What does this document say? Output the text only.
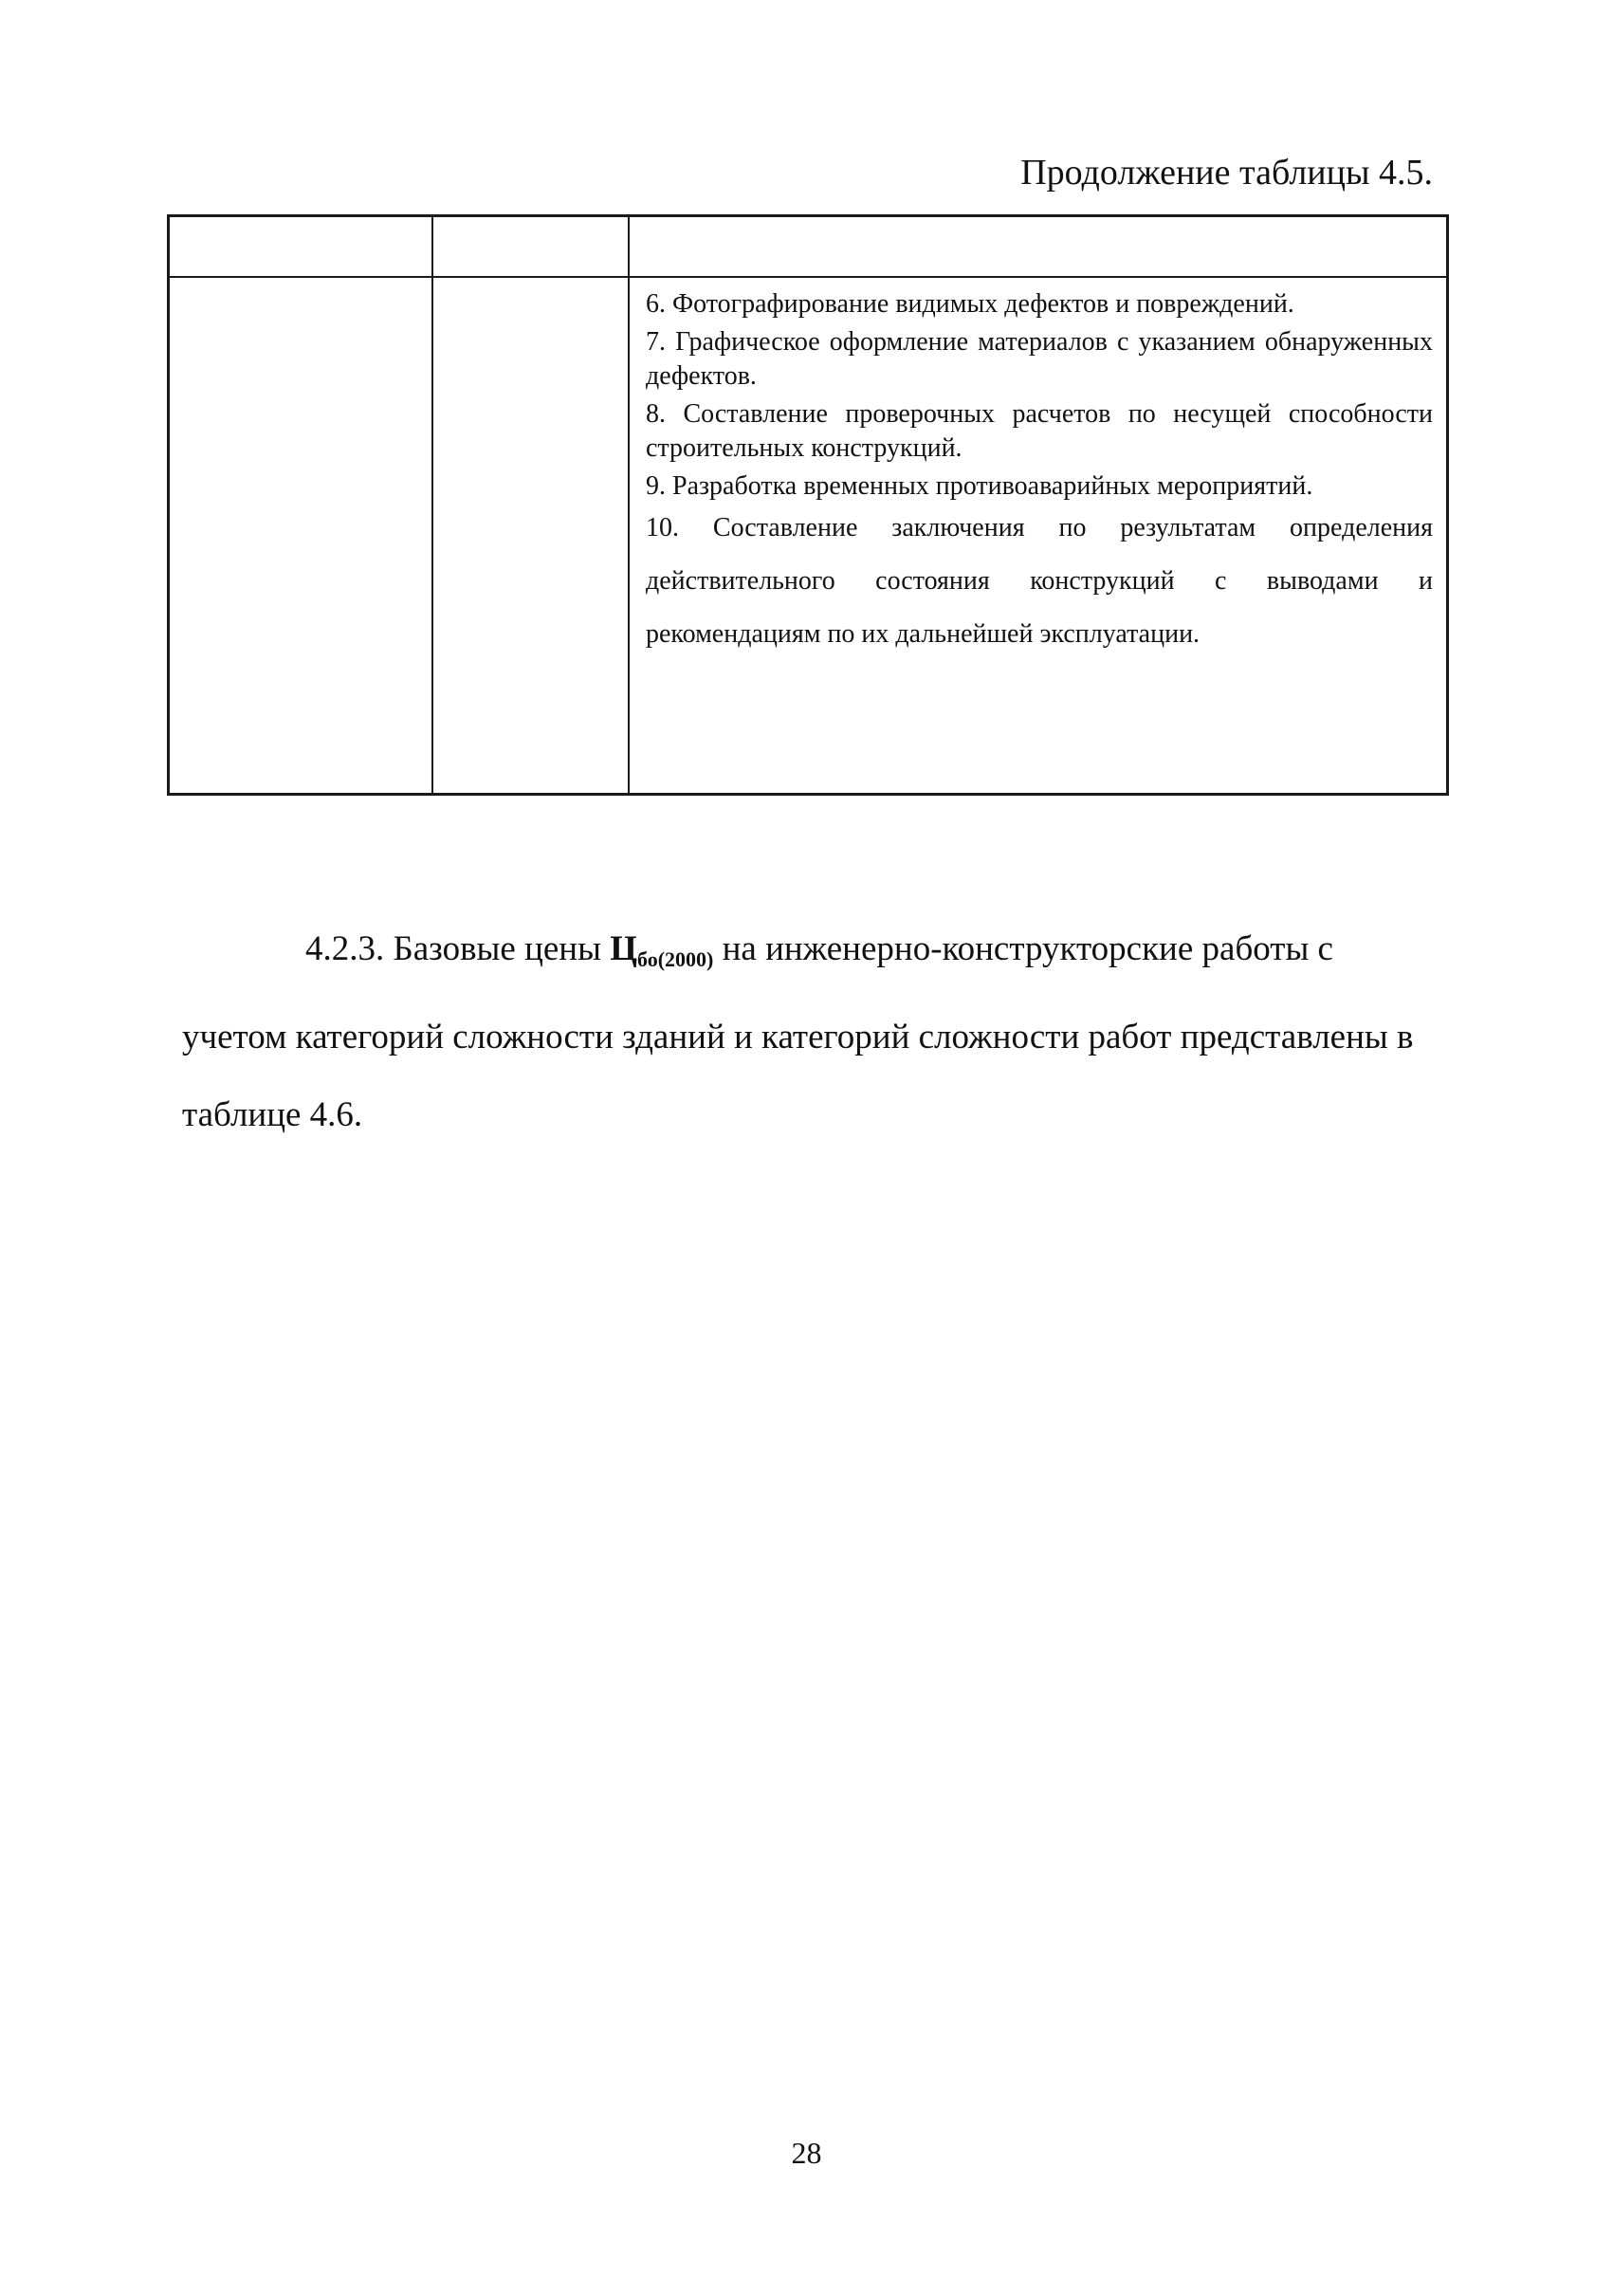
Продолжение таблицы 4.5.

6. Фотографирование видимых дефектов и повреждений.

7. Графическое оформление материалов с указанием обнаруженных дефектов.

8. Составление проверочных расчетов по несущей способности строительных конструкций.

9. Разработка временных противоаварийных мероприятий.

10. Составление заключения по результатам определения действительного состояния конструкций с выводами и рекомендациям по их дальнейшей эксплуатации.

4.2.3. Базовые цены $Ц_{бо(2000)}$ на инженерно-конструкторские работы с учетом категорий сложности зданий и категорий сложности работ представлены в таблице 4.6.

28
